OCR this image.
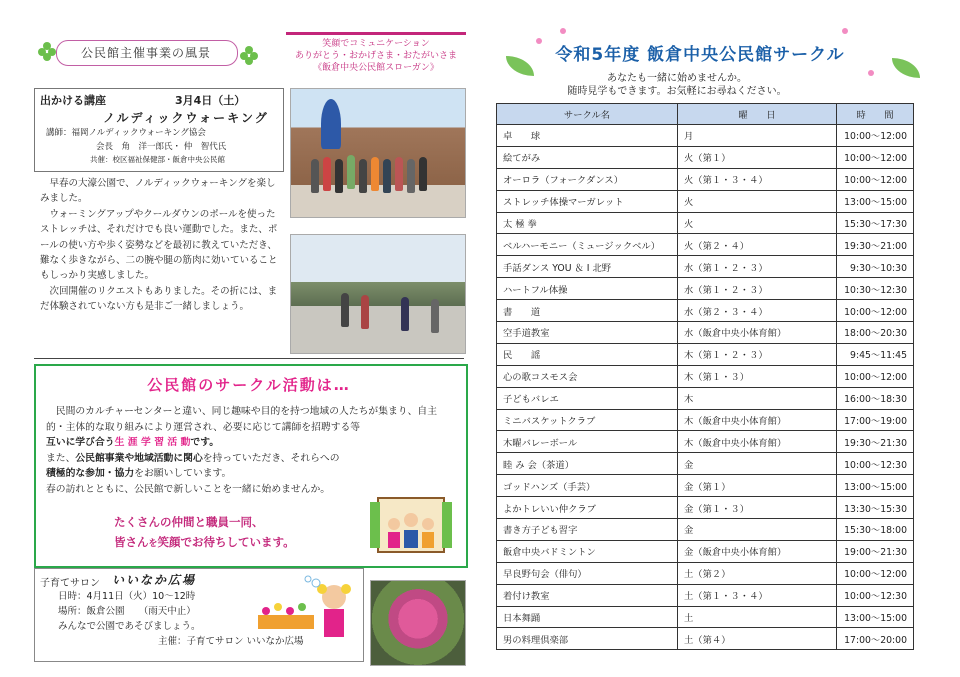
公民館主催事業の風景
笑顔でコミュニケーション
ありがとう・おかげさま・おたがいさま
《飯倉中央公民館スローガン》
出かける講座	3月4日（土）
ノルディックウォーキング
講師：福岡ノルディックウォーキング協会
会長　角　洋一郎氏・ 仲　智代氏
共催：校区福祉保健部・飯倉中央公民館

早春の大濠公園で、ノルディックウォーキングを楽しみました。

ウォーミングアップやクールダウンのポールを使ったストレッチは、それだけでも良い運動でした。また、ポールの使い方や歩く姿勢などを最初に教えていただき、難なく歩きながら、二の腕や腿の筋肉に効いていることもしっかり実感しました。

次回開催のリクエストもありました。その折には、まだ体験されていない方も是非ご一緒しましょう。

公民館のサークル活動は…

　民間のカルチャーセンターと違い、同じ趣味や目的を持つ地域の人たちが集まり、自主的・主体的な取り組みにより運営され、必要に応じて講師を招聘する等

互いに学び合う生 涯 学 習 活 動です。

また、公民館事業や地域活動に関心を持っていただき、それらへの

積極的な参加・協力をお願いしています。

春の訪れとともに、公民館で新しいことを一緒に始めませんか。

たくさんの仲間と職員一同、
皆さんを笑顔でお待ちしています。
子育てサロン いいなか広場
日時：4月11日（火）10～12時
場所：飯倉公園　　（雨天中止）
みんなで公園であそびましょう。
主催：子育てサロン いいなか広場
令和5年度 飯倉中央公民館サークル
あなたも一緒に始めませんか。
随時見学もできます。お気軽にお尋ねください。
サークル名	曜　　日	時　　間
卓　　球	月	10:00～12:00
絵てがみ	火（第１）	10:00～12:00
オーロラ（フォークダンス）	火（第１・３・４）	10:00～12:00
ストレッチ体操マーガレット	火	13:00～15:00
太 極 拳	火	15:30～17:30
ベルハーモニー（ミュージックベル）	火（第２・４）	19:30～21:00
手話ダンス YOU ＆ I 北野	水（第１・２・３）	9:30～10:30
ハートフル体操	水（第１・２・３）	10:30～12:30
書　　道	水（第２・３・４）	10:00～12:00
空手道教室	水（飯倉中央小体育館）	18:00～20:30
民　　謡	木（第１・２・３）	9:45～11:45
心の歌コスモス会	木（第１・３）	10:00～12:00
子どもバレエ	木	16:00～18:30
ミニバスケットクラブ	木（飯倉中央小体育館）	17:00～19:00
木曜バレーボール	木（飯倉中央小体育館）	19:30～21:30
睦 み 会（茶道）	金	10:00～12:30
ゴッドハンズ（手芸）	金（第１）	13:00～15:00
よかトレいい仲クラブ	金（第１・３）	13:30～15:30
書き方子ども習字	金	15:30～18:00
飯倉中央バドミントン	金（飯倉中央小体育館）	19:00～21:30
早良野句会（俳句）	土（第２）	10:00～12:00
着付け教室	土（第１・３・４）	10:00～12:30
日本舞踊	土	13:00～15:00
男の料理倶楽部	土（第４）	17:00～20:00
